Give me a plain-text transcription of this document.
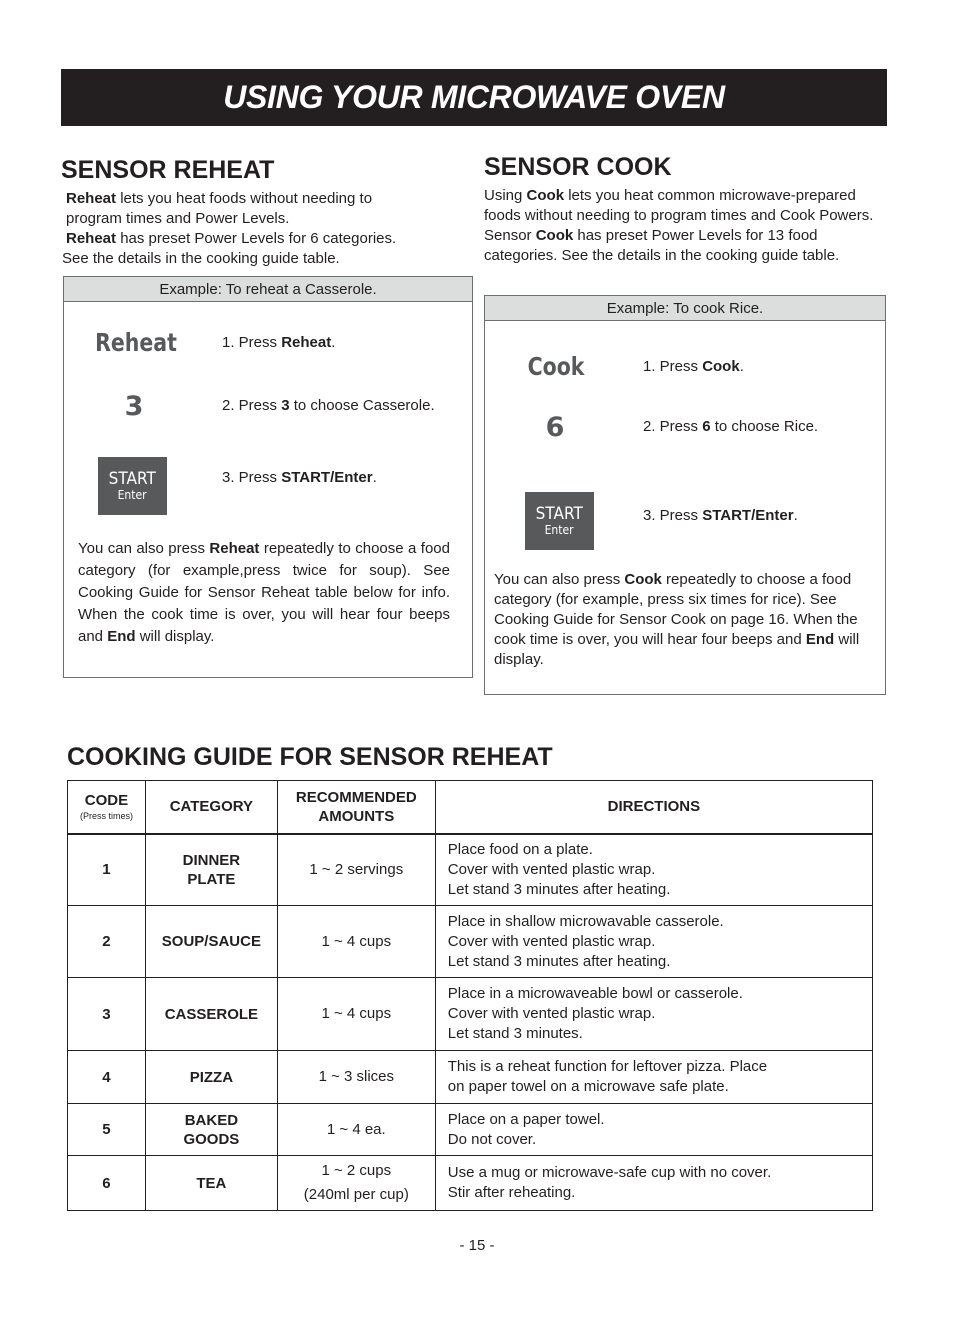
USING YOUR MICROWAVE OVEN
SENSOR REHEAT
Reheat lets you heat foods without needing to
program times and Power Levels.
Reheat has preset Power Levels for 6 categories.
See the details in the cooking guide table.
Example: To reheat a Casserole.
Reheat
3
START
Enter
1. Press Reheat.
2. Press 3 to choose Casserole.
3. Press START/Enter.
You can also press Reheat repeatedly to choose a food category (for example,press twice for soup). See Cooking Guide for Sensor Reheat table below for info. When the cook time is over, you will hear four beeps and End will display.
SENSOR COOK
Using Cook lets you heat common microwave-prepared foods without needing to program times and Cook Powers. Sensor Cook has preset Power Levels for 13 food categories. See the details in the cooking guide table.
Example: To cook Rice.
Cook
6
START
Enter
1. Press Cook.
2. Press 6 to choose Rice.
3. Press START/Enter.
You can also press Cook repeatedly to choose a food category (for example, press six times for rice). See Cooking Guide for Sensor Cook on page 16. When the cook time is over, you will hear four beeps and End will display.
COOKING GUIDE FOR SENSOR REHEAT
CODE
(Press times)	CATEGORY	RECOMMENDED
AMOUNTS	DIRECTIONS
1	DINNER
PLATE	1 ~ 2 servings	Place food on a plate.
Cover with vented plastic wrap.
Let stand 3 minutes after heating.

2	SOUP/SAUCE	1 ~ 4 cups	Place in shallow microwavable casserole.
Cover with vented plastic wrap.
Let stand 3 minutes after heating.

3	CASSEROLE	1 ~ 4 cups	Place in a microwaveable bowl or casserole.
Cover with vented plastic wrap.
Let stand 3 minutes.

4	PIZZA	1 ~ 3 slices	This is a reheat function for leftover pizza. Place
on paper towel on a microwave safe plate.

5	BAKED
GOODS	1 ~ 4 ea.	Place on a paper towel.
Do not cover.

6	TEA	1 ~ 2 cups
(240ml per cup)	Use a mug or microwave-safe cup with no cover.
Stir after reheating.
- 15 -
